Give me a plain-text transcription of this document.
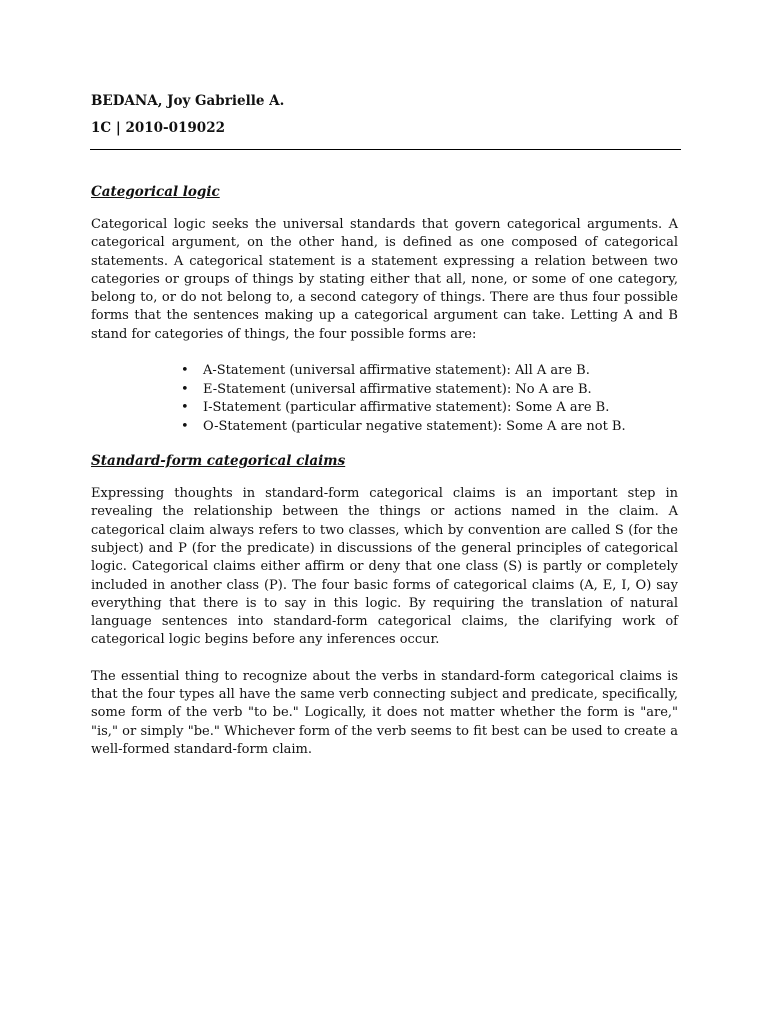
BEDANA, Joy Gabrielle A.

1C | 2010-019022

Categorical logic

Categorical logic seeks the universal standards that govern categorical arguments. A categorical argument, on the other hand, is defined as one composed of categorical statements. A categorical statement is a statement expressing a relation between two categories or groups of things by stating either that all, none, or some of one category, belong to, or do not belong to, a second category of things. There are thus four possible forms that the sentences making up a categorical argument can take. Letting A and B stand for categories of things, the four possible forms are:

• A-Statement (universal affirmative statement): All A are B.
• E-Statement (universal affirmative statement): No A are B.
• I-Statement (particular affirmative statement): Some A are B.
• O-Statement (particular negative statement): Some A are not B.
Standard-form categorical claims

Expressing thoughts in standard-form categorical claims is an important step in revealing the relationship between the things or actions named in the claim. A categorical claim always refers to two classes, which by convention are called S (for the subject) and P (for the predicate) in discussions of the general principles of categorical logic. Categorical claims either affirm or deny that one class (S) is partly or completely included in another class (P). The four basic forms of categorical claims (A, E, I, O) say everything that there is to say in this logic. By requiring the translation of natural language sentences into standard-form categorical claims, the clarifying work of categorical logic begins before any inferences occur.

The essential thing to recognize about the verbs in standard-form categorical claims is that the four types all have the same verb connecting subject and predicate, specifically, some form of the verb "to be." Logically, it does not matter whether the form is "are," "is," or simply "be." Whichever form of the verb seems to fit best can be used to create a well-formed standard-form claim.
